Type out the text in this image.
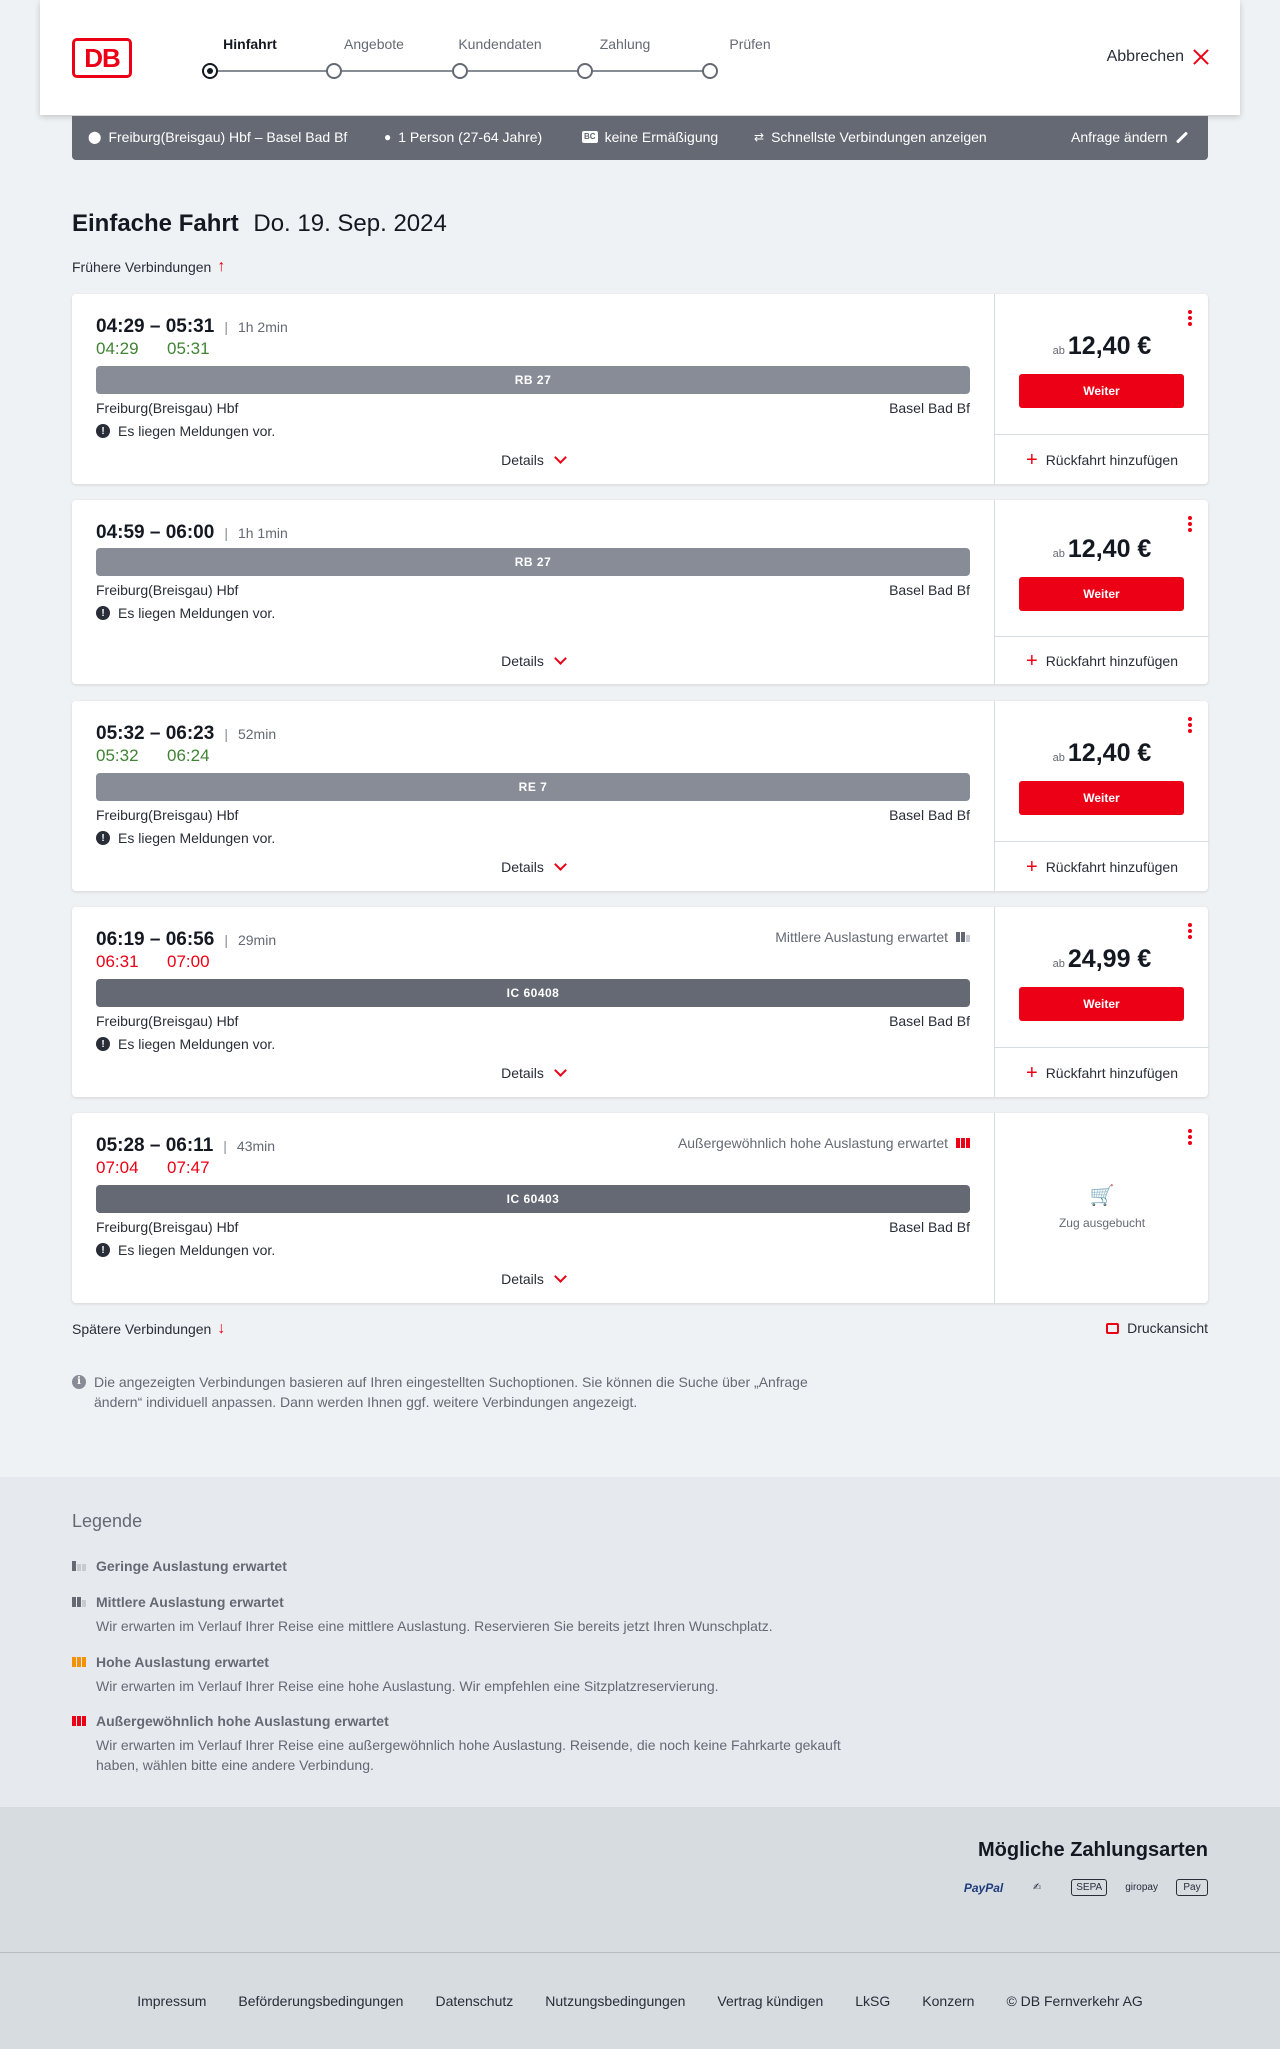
DB	Hinfahrt	Angebote	Kundendaten	Zahlung	Prüfen
Abbrechen
⬤ Freiburg(Breisgau) Hbf – Basel Bad Bf	● 1 Person (27-64 Jahre)	BC keine Ermäßigung	⇄ Schnellste Verbindungen anzeigen	Anfrage ändern
Einfache Fahrt Do. 19. Sep. 2024
Frühere Verbindungen ↑
04:29 – 05:31 | 1h 2min
04:29 05:31
RB 27
Freiburg(Breisgau) Hbf	Basel Bad Bf
! Es liegen Meldungen vor.
Details
ab 12,40 €
Weiter
+ Rückfahrt hinzufügen
04:59 – 06:00 | 1h 1min
RB 27
Freiburg(Breisgau) Hbf	Basel Bad Bf
! Es liegen Meldungen vor.
Details
ab 12,40 €
Weiter
+ Rückfahrt hinzufügen
05:32 – 06:23 | 52min
05:32 06:24
RE 7
Freiburg(Breisgau) Hbf	Basel Bad Bf
! Es liegen Meldungen vor.
Details
ab 12,40 €
Weiter
+ Rückfahrt hinzufügen
06:19 – 06:56 | 29min	Mittlere Auslastung erwartet
06:31 07:00
IC 60408
Freiburg(Breisgau) Hbf	Basel Bad Bf
! Es liegen Meldungen vor.
Details
ab 24,99 €
Weiter
+ Rückfahrt hinzufügen
05:28 – 06:11 | 43min	Außergewöhnlich hohe Auslastung erwartet
07:04 07:47
IC 60403
Freiburg(Breisgau) Hbf	Basel Bad Bf
! Es liegen Meldungen vor.
Details
🛒
Zug ausgebucht
Spätere Verbindungen ↓	Druckansicht
i Die angezeigten Verbindungen basieren auf Ihren eingestellten Suchoptionen. Sie können die Suche über „Anfrage ändern“ individuell anpassen. Dann werden Ihnen ggf. weitere Verbindungen angezeigt.
Legende
Geringe Auslastung erwartet
Mittlere Auslastung erwartet
Wir erwarten im Verlauf Ihrer Reise eine mittlere Auslastung. Reservieren Sie bereits jetzt Ihren Wunschplatz.
Hohe Auslastung erwartet
Wir erwarten im Verlauf Ihrer Reise eine hohe Auslastung. Wir empfehlen eine Sitzplatzreservierung.
Außergewöhnlich hohe Auslastung erwartet
Wir erwarten im Verlauf Ihrer Reise eine außergewöhnlich hohe Auslastung. Reisende, die noch keine Fahrkarte gekauft haben, wählen bitte eine andere Verbindung.
Mögliche Zahlungsarten
PayPal	✍	SEPA	giropay	Pay
Impressum Beförderungsbedingungen Datenschutz Nutzungsbedingungen Vertrag kündigen LkSG Konzern © DB Fernverkehr AG
